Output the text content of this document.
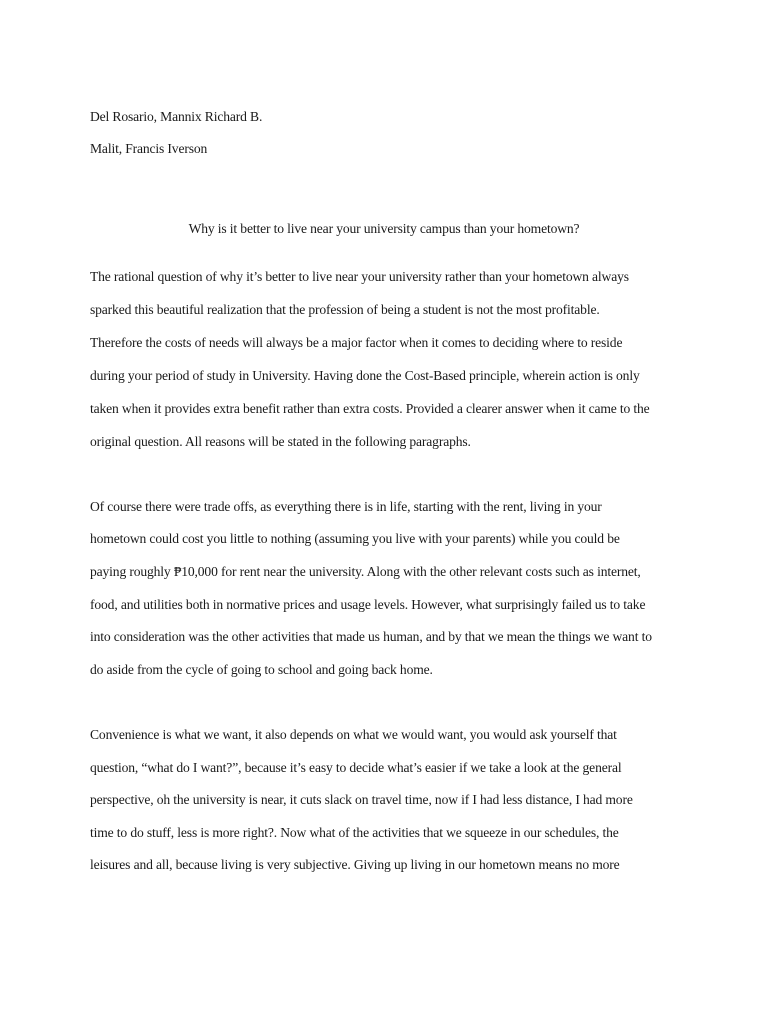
Del Rosario, Mannix Richard B.
Malit, Francis Iverson
Why is it better to live near your university campus than your hometown?
The rational question of why it’s better to live near your university rather than your hometown always
sparked this beautiful realization that the profession of being a student is not the most profitable.
Therefore the costs of needs will always be a major factor when it comes to deciding where to reside
during your period of study in University. Having done the Cost-Based principle, wherein action is only
taken when it provides extra benefit rather than extra costs. Provided a clearer answer when it came to the
original question. All reasons will be stated in the following paragraphs.
Of course there were trade offs, as everything there is in life, starting with the rent, living in your
hometown could cost you little to nothing (assuming you live with your parents) while you could be
paying roughly ₱10,000 for rent near the university. Along with the other relevant costs such as internet,
food, and utilities both in normative prices and usage levels. However, what surprisingly failed us to take
into consideration was the other activities that made us human, and by that we mean the things we want to
do aside from the cycle of going to school and going back home.
Convenience is what we want, it also depends on what we would want, you would ask yourself that
question, “what do I want?”, because it’s easy to decide what’s easier if we take a look at the general
perspective, oh the university is near, it cuts slack on travel time, now if I had less distance, I had more
time to do stuff, less is more right?. Now what of the activities that we squeeze in our schedules, the
leisures and all, because living is very subjective. Giving up living in our hometown means no more
